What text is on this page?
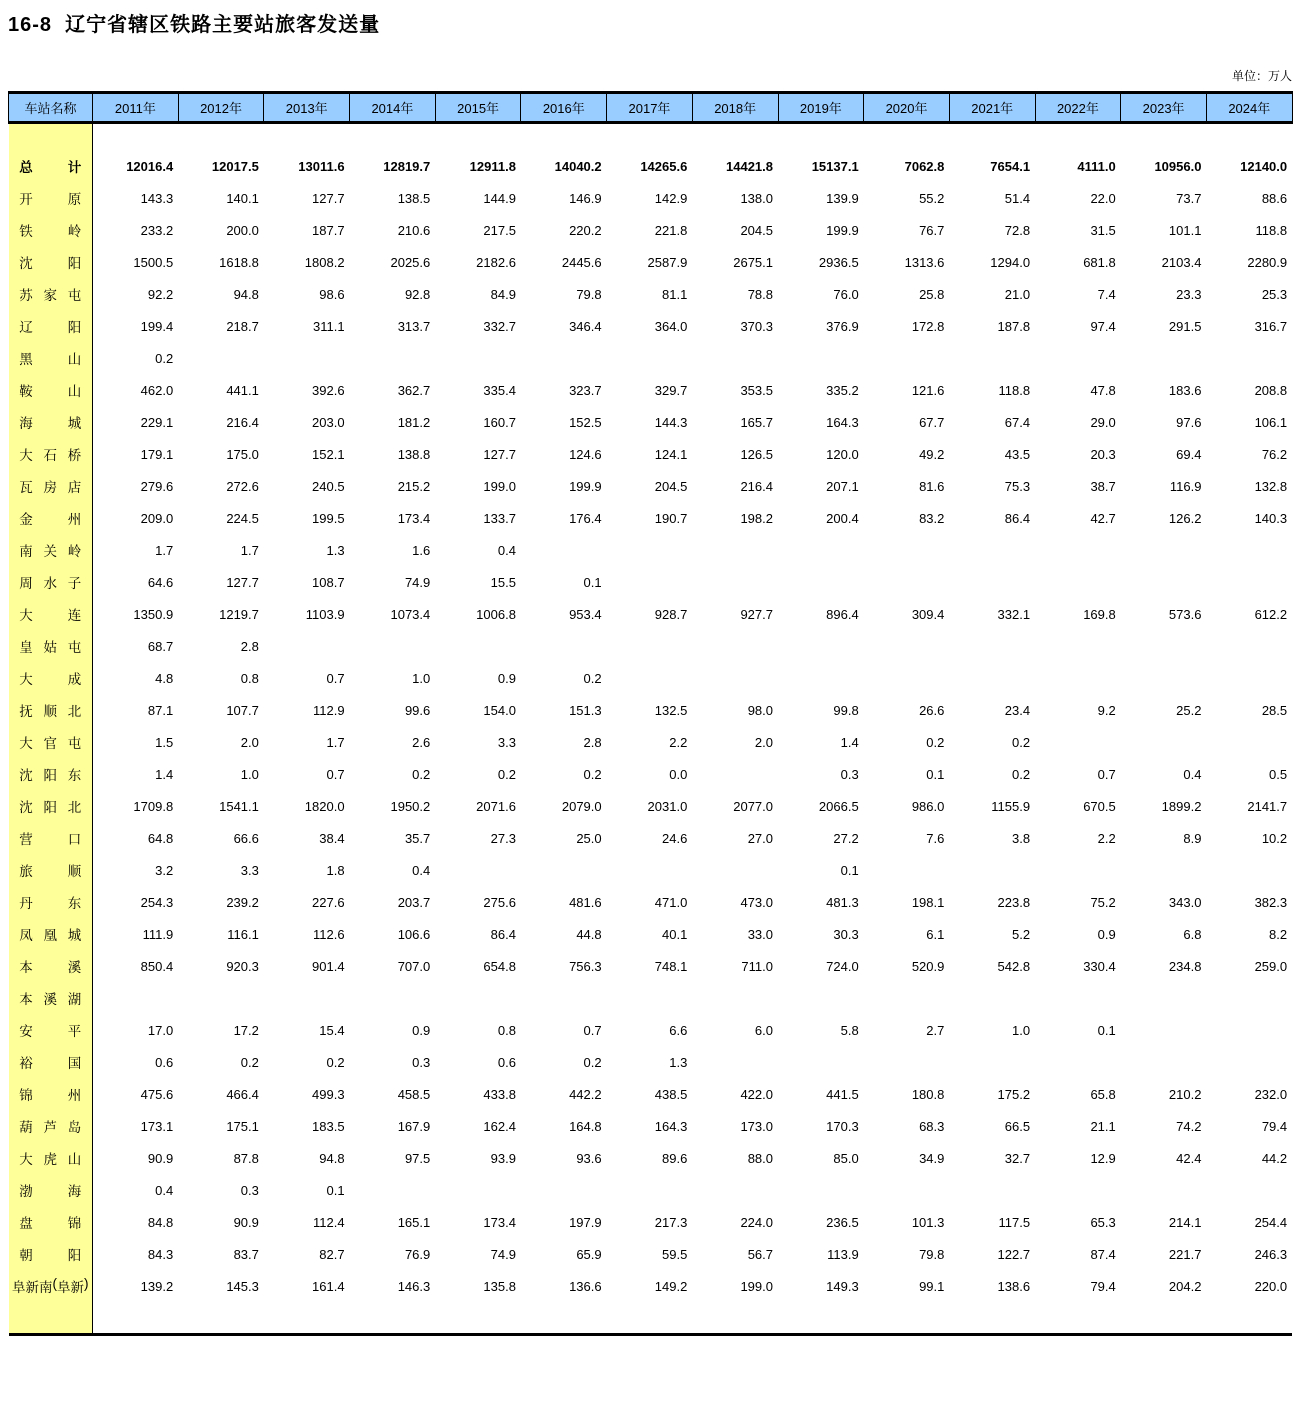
16-8  辽宁省辖区铁路主要站旅客发送量
单位：万人
车站名称	2011年	2012年	2013年	2014年	2015年	2016年	2017年	2018年	2019年	2020年	2021年	2022年	2023年	2024年

总 计	12016.4	12017.5	13011.6	12819.7	12911.8	14040.2	14265.6	14421.8	15137.1	7062.8	7654.1	4111.0	10956.0	12140.0

开 原	143.3	140.1	127.7	138.5	144.9	146.9	142.9	138.0	139.9	55.2	51.4	22.0	73.7	88.6

铁 岭	233.2	200.0	187.7	210.6	217.5	220.2	221.8	204.5	199.9	76.7	72.8	31.5	101.1	118.8

沈 阳	1500.5	1618.8	1808.2	2025.6	2182.6	2445.6	2587.9	2675.1	2936.5	1313.6	1294.0	681.8	2103.4	2280.9

苏 家 屯	92.2	94.8	98.6	92.8	84.9	79.8	81.1	78.8	76.0	25.8	21.0	7.4	23.3	25.3

辽 阳	199.4	218.7	311.1	313.7	332.7	346.4	364.0	370.3	376.9	172.8	187.8	97.4	291.5	316.7

黑 山	0.2													

鞍 山	462.0	441.1	392.6	362.7	335.4	323.7	329.7	353.5	335.2	121.6	118.8	47.8	183.6	208.8

海 城	229.1	216.4	203.0	181.2	160.7	152.5	144.3	165.7	164.3	67.7	67.4	29.0	97.6	106.1

大 石 桥	179.1	175.0	152.1	138.8	127.7	124.6	124.1	126.5	120.0	49.2	43.5	20.3	69.4	76.2

瓦 房 店	279.6	272.6	240.5	215.2	199.0	199.9	204.5	216.4	207.1	81.6	75.3	38.7	116.9	132.8

金 州	209.0	224.5	199.5	173.4	133.7	176.4	190.7	198.2	200.4	83.2	86.4	42.7	126.2	140.3

南 关 岭	1.7	1.7	1.3	1.6	0.4									

周 水 子	64.6	127.7	108.7	74.9	15.5	0.1								

大 连	1350.9	1219.7	1103.9	1073.4	1006.8	953.4	928.7	927.7	896.4	309.4	332.1	169.8	573.6	612.2

皇 姑 屯	68.7	2.8												

大 成	4.8	0.8	0.7	1.0	0.9	0.2								

抚 顺 北	87.1	107.7	112.9	99.6	154.0	151.3	132.5	98.0	99.8	26.6	23.4	9.2	25.2	28.5

大 官 屯	1.5	2.0	1.7	2.6	3.3	2.8	2.2	2.0	1.4	0.2	0.2			

沈 阳 东	1.4	1.0	0.7	0.2	0.2	0.2	0.0		0.3	0.1	0.2	0.7	0.4	0.5

沈 阳 北	1709.8	1541.1	1820.0	1950.2	2071.6	2079.0	2031.0	2077.0	2066.5	986.0	1155.9	670.5	1899.2	2141.7

营 口	64.8	66.6	38.4	35.7	27.3	25.0	24.6	27.0	27.2	7.6	3.8	2.2	8.9	10.2

旅 顺	3.2	3.3	1.8	0.4					0.1					

丹 东	254.3	239.2	227.6	203.7	275.6	481.6	471.0	473.0	481.3	198.1	223.8	75.2	343.0	382.3

凤 凰 城	111.9	116.1	112.6	106.6	86.4	44.8	40.1	33.0	30.3	6.1	5.2	0.9	6.8	8.2

本 溪	850.4	920.3	901.4	707.0	654.8	756.3	748.1	711.0	724.0	520.9	542.8	330.4	234.8	259.0

本 溪 湖														

安 平	17.0	17.2	15.4	0.9	0.8	0.7	6.6	6.0	5.8	2.7	1.0	0.1		

裕 国	0.6	0.2	0.2	0.3	0.6	0.2	1.3							

锦 州	475.6	466.4	499.3	458.5	433.8	442.2	438.5	422.0	441.5	180.8	175.2	65.8	210.2	232.0

葫 芦 岛	173.1	175.1	183.5	167.9	162.4	164.8	164.3	173.0	170.3	68.3	66.5	21.1	74.2	79.4

大 虎 山	90.9	87.8	94.8	97.5	93.9	93.6	89.6	88.0	85.0	34.9	32.7	12.9	42.4	44.2

渤 海	0.4	0.3	0.1											

盘 锦	84.8	90.9	112.4	165.1	173.4	197.9	217.3	224.0	236.5	101.3	117.5	65.3	214.1	254.4

朝 阳	84.3	83.7	82.7	76.9	74.9	65.9	59.5	56.7	113.9	79.8	122.7	87.4	221.7	246.3

阜 新 南 ( 阜 新 )	139.2	145.3	161.4	146.3	135.8	136.6	149.2	199.0	149.3	99.1	138.6	79.4	204.2	220.0
